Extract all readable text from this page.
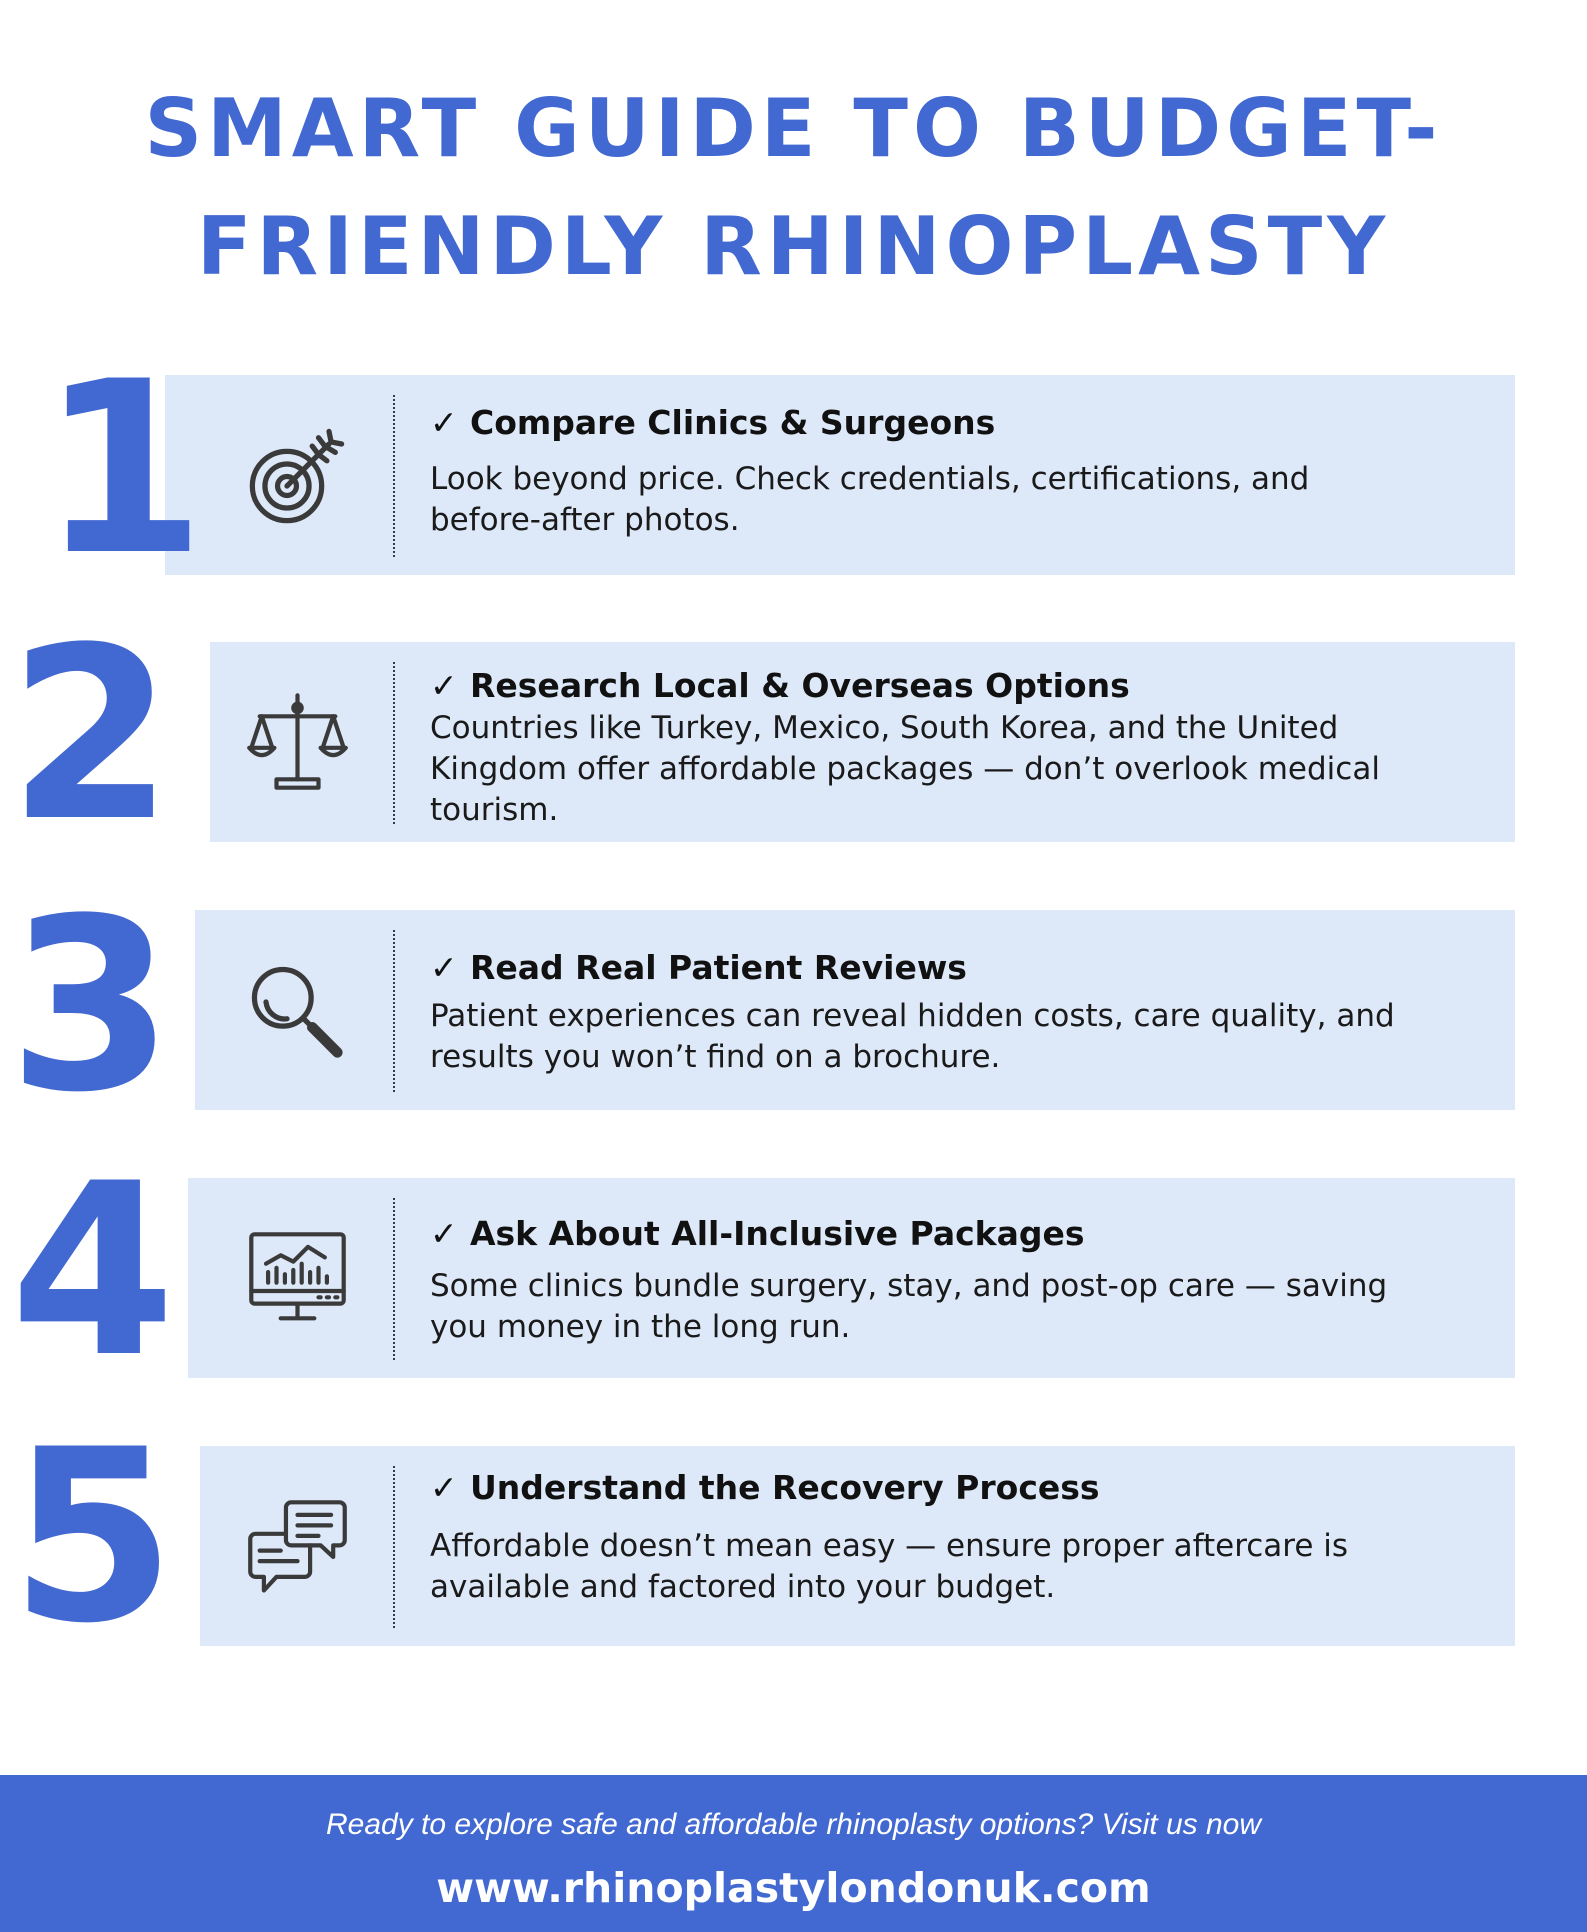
SMART GUIDE TO BUDGET-
FRIENDLY RHINOPLASTY
1	✓ Compare Clinics & Surgeons
Look beyond price. Check credentials, certifications, and
before-after photos.
2	✓ Research Local & Overseas Options
Countries like Turkey, Mexico, South Korea, and the United
Kingdom offer affordable packages — don’t overlook medical
tourism.
3	✓ Read Real Patient Reviews
Patient experiences can reveal hidden costs, care quality, and
results you won’t find on a brochure.
4	✓ Ask About All-Inclusive Packages
Some clinics bundle surgery, stay, and post-op care — saving
you money in the long run.
5	✓ Understand the Recovery Process
Affordable doesn’t mean easy — ensure proper aftercare is
available and factored into your budget.
Ready to explore safe and affordable rhinoplasty options? Visit us now
www.rhinoplastylondonuk.com
